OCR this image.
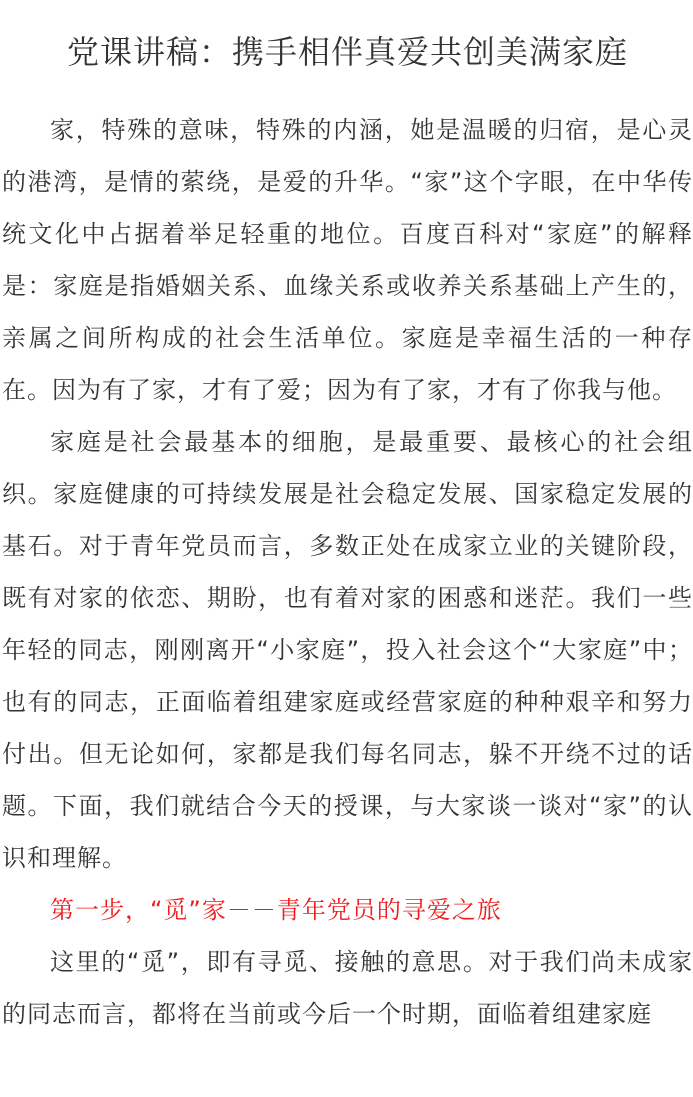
党课讲稿：携手相伴真爱共创美满家庭

家，特殊的意味，特殊的内涵，她是温暖的归宿，是心灵的港湾，是情的萦绕，是爱的升华。“家”这个字眼，在中华传统文化中占据着举足轻重的地位。百度百科对“家庭”的解释是：家庭是指婚姻关系、血缘关系或收养关系基础上产生的，亲属之间所构成的社会生活单位。家庭是幸福生活的一种存在。因为有了家，才有了爱；因为有了家，才有了你我与他。

家庭是社会最基本的细胞，是最重要、最核心的社会组织。家庭健康的可持续发展是社会稳定发展、国家稳定发展的基石。对于青年党员而言，多数正处在成家立业的关键阶段，既有对家的依恋、期盼，也有着对家的困惑和迷茫。我们一些年轻的同志，刚刚离开“小家庭”，投入社会这个“大家庭”中；也有的同志，正面临着组建家庭或经营家庭的种种艰辛和努力付出。但无论如何，家都是我们每名同志，躲不开绕不过的话题。下面，我们就结合今天的授课，与大家谈一谈对“家”的认识和理解。

第一步，“觅”家－－青年党员的寻爱之旅

这里的“觅”，即有寻觅、接触的意思。对于我们尚未成家的同志而言，都将在当前或今后一个时期，面临着组建家庭
